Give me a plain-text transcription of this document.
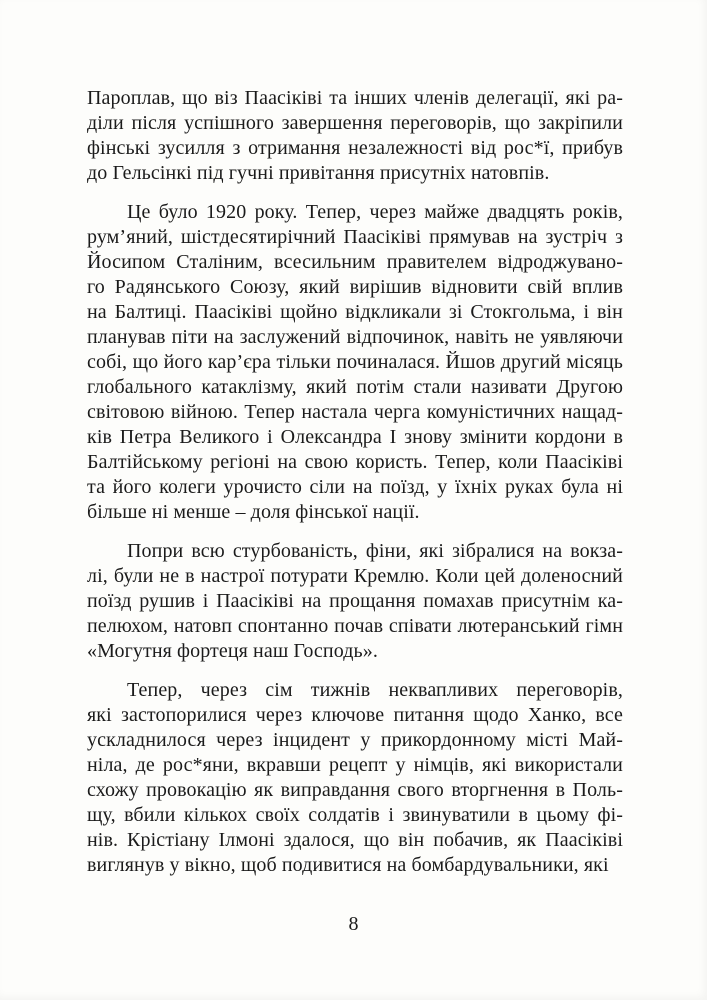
Пароплав, що віз Паасіківі та інших членів делегації, які ра-
діли після успішного завершення переговорів, що закріпили
фінські зусилля з отримання незалежності від рос*ї, прибув
до Гельсінкі під гучні привітання присутніх натовпів.
Це було 1920 року. Тепер, через майже двадцять років,
рум’яний, шістдесятирічний Паасіківі прямував на зустріч з
Йосипом Сталіним, всесильним правителем відроджувано-
го Радянського Союзу, який вирішив відновити свій вплив
на Балтиці. Паасіківі щойно відкликали зі Стокгольма, і він
планував піти на заслужений відпочинок, навіть не уявляючи
собі, що його кар’єра тільки починалася. Йшов другий місяць
глобального катаклізму, який потім стали називати Другою
світовою війною. Тепер настала черга комуністичних нащад-
ків Петра Великого і Олександра I знову змінити кордони в
Балтійському регіоні на свою користь. Тепер, коли Паасіківі
та його колеги урочисто сіли на поїзд, у їхніх руках була ні
більше ні менше – доля фінської нації.
Попри всю стурбованість, фіни, які зібралися на вокза-
лі, були не в настрої потурати Кремлю. Коли цей доленосний
поїзд рушив і Паасіківі на прощання помахав присутнім ка-
пелюхом, натовп спонтанно почав співати лютеранський гімн
«Могутня фортеця наш Господь».
Тепер, через сім тижнів неквапливих переговорів,
які застопорилися через ключове питання щодо Ханко, все
ускладнилося через інцидент у прикордонному місті Май-
ніла, де рос*яни, вкравши рецепт у німців, які використали
схожу провокацію як виправдання свого вторгнення в Поль-
щу, вбили кількох своїх солдатів і звинуватили в цьому фі-
нів. Крістіану Ілмоні здалося, що він побачив, як Паасіківі
виглянув у вікно, щоб подивитися на бомбардувальники, які
8
